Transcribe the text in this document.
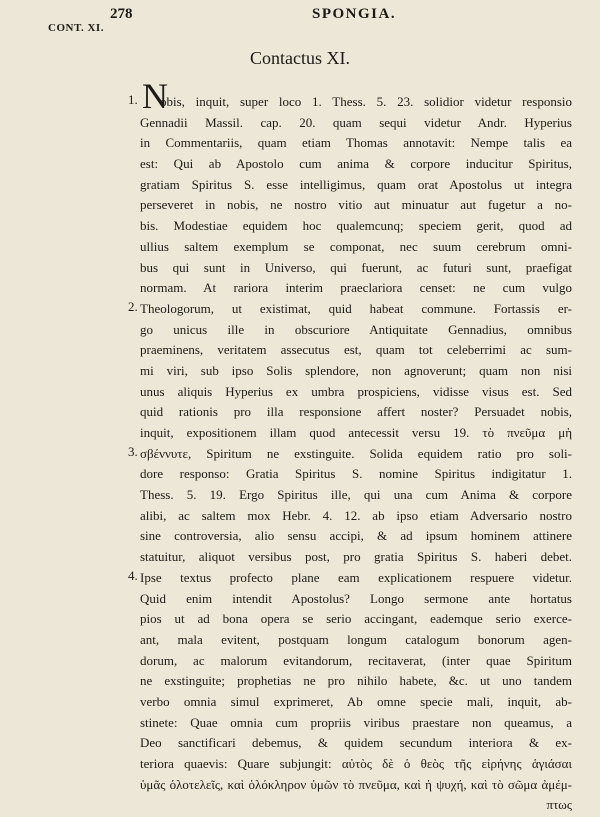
278	SPONGIA.
CONT. XI.
Contactus XI.
N
1.
2.
3.
4.
obis, inquit, super loco 1. Thess. 5. 23. solidior videtur responsio
Gennadii Massil. cap. 20. quam sequi videtur Andr. Hyperius
in Commentariis, quam etiam Thomas annotavit: Nempe talis ea
est: Qui ab Apostolo cum anima & corpore inducitur Spiritus,
gratiam Spiritus S. esse intelligimus, quam orat Apostolus ut integra
perseveret in nobis, ne nostro vitio aut minuatur aut fugetur a no-
bis. Modestiae equidem hoc qualemcunq; speciem gerit, quod ad
ullius saltem exemplum se componat, nec suum cerebrum omni-
bus qui sunt in Universo, qui fuerunt, ac futuri sunt, praefigat
normam. At rariora interim praeclariora censet: ne cum vulgo
Theologorum, ut existimat, quid habeat commune. Fortassis er-
go unicus ille in obscuriore Antiquitate Gennadius, omnibus
praeminens, veritatem assecutus est, quam tot celeberrimi ac sum-
mi viri, sub ipso Solis splendore, non agnoverunt; quam non nisi
unus aliquis Hyperius ex umbra prospiciens, vidisse visus est. Sed
quid rationis pro illa responsione affert noster? Persuadet nobis,
inquit, expositionem illam quod antecessit versu 19. τὸ πνεῦμα μὴ
σβέννυτε, Spiritum ne exstinguite. Solida equidem ratio pro soli-
dore responso: Gratia Spiritus S. nomine Spiritus indigitatur 1.
Thess. 5. 19. Ergo Spiritus ille, qui una cum Anima & corpore
alibi, ac saltem mox Hebr. 4. 12. ab ipso etiam Adversario nostro
sine controversia, alio sensu accipi, & ad ipsum hominem attinere
statuitur, aliquot versibus post, pro gratia Spiritus S. haberi debet.
Ipse textus profecto plane eam explicationem respuere videtur.
Quid enim intendit Apostolus? Longo sermone ante hortatus
pios ut ad bona opera se serio accingant, eademque serio exerce-
ant, mala evitent, postquam longum catalogum bonorum agen-
dorum, ac malorum evitandorum, recitaverat, (inter quae Spiritum
ne exstinguite; prophetias ne pro nihilo habete, &c. ut uno tandem
verbo omnia simul exprimeret, Ab omne specie mali, inquit, ab-
stinete: Quae omnia cum propriis viribus praestare non queamus, a
Deo sanctificari debemus, & quidem secundum interiora & ex-
teriora quaevis: Quare subjungit: αὐτὸς δὲ ὁ θεὸς τῆς εἰρήνης ἁγιάσαι
ὑμᾶς ὁλοτελεῖς, καὶ ὁλόκληρον ὑμῶν τὸ πνεῦμα, καὶ ἡ ψυχή, καὶ τὸ σῶμα ἀμέμ-
πτως
